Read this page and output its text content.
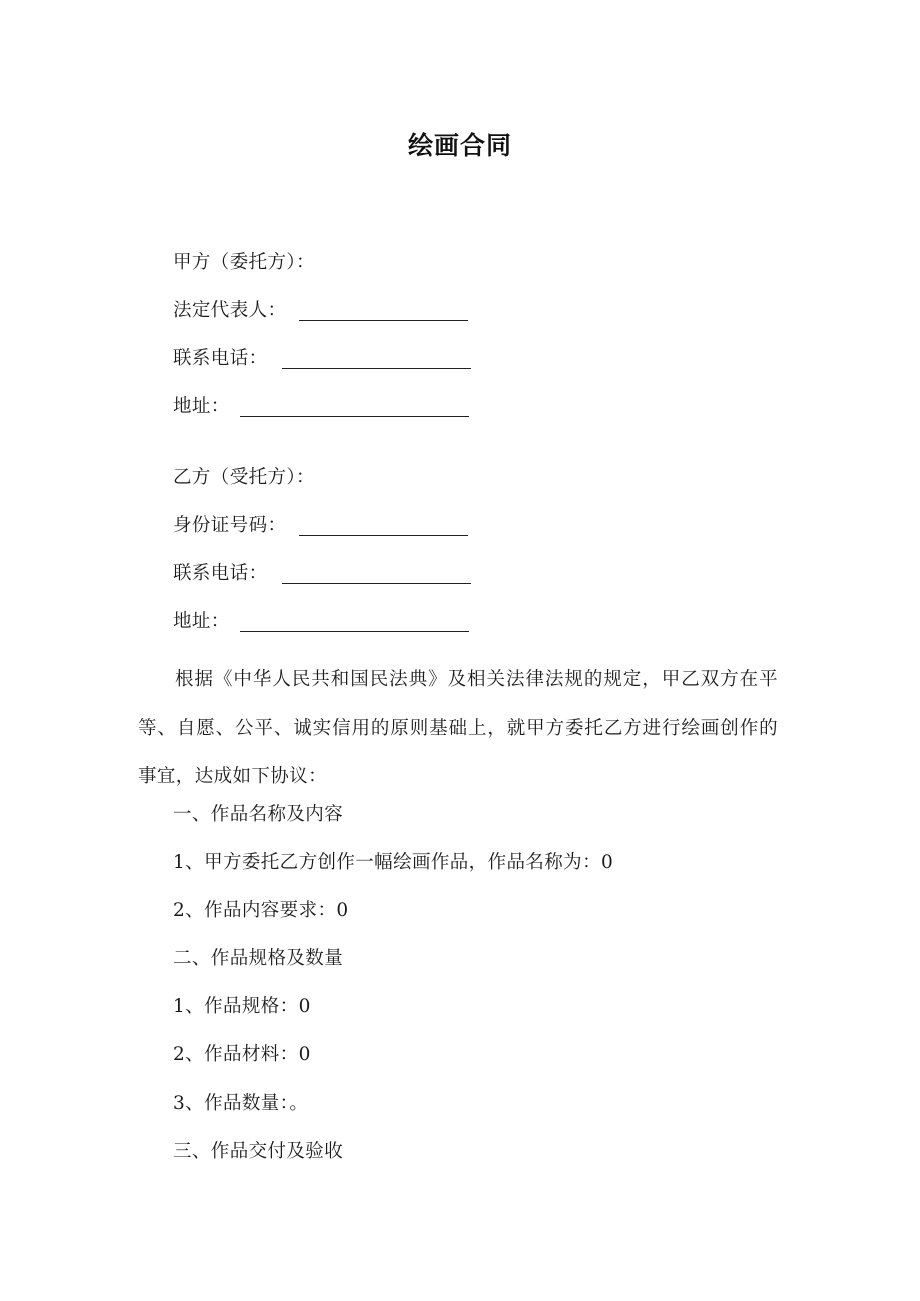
绘画合同
甲方（委托方）：
法定代表人：
联系电话：
地址：
乙方（受托方）：
身份证号码：
联系电话：
地址：
根据《中华人民共和国民法典》及相关法律法规的规定，甲乙双方在平等、自愿、公平、诚实信用的原则基础上，就甲方委托乙方进行绘画创作的事宜，达成如下协议：
一、作品名称及内容
1、甲方委托乙方创作一幅绘画作品，作品名称为：0
2、作品内容要求：0
二、作品规格及数量
1、作品规格：0
2、作品材料：0
3、作品数量：。
三、作品交付及验收
